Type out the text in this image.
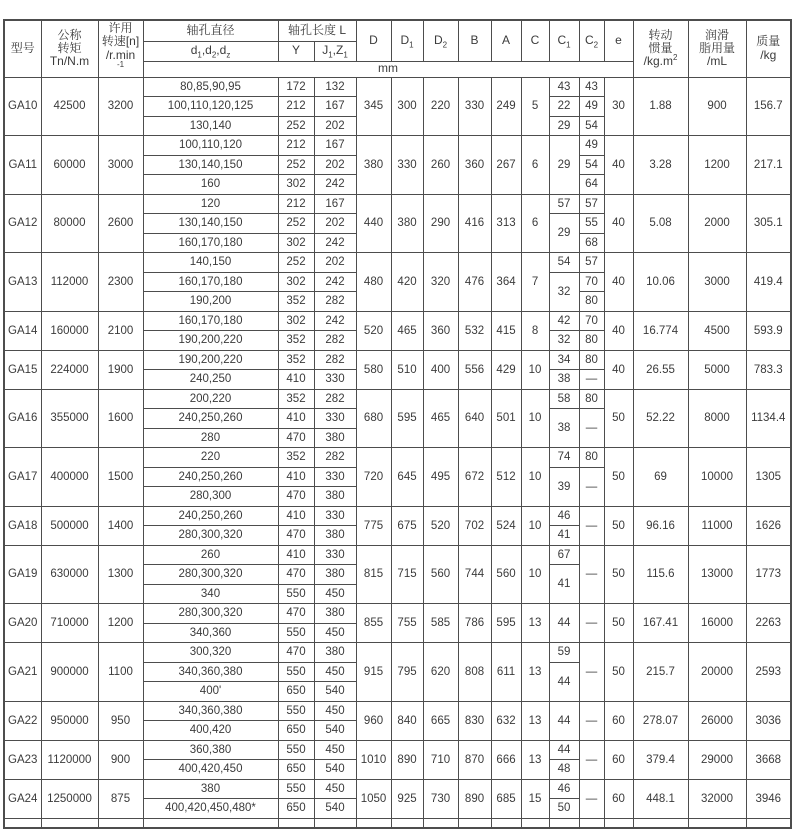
型号	公称
转矩
Tn/N.m	许用
转速[n]
/r.min
$^{-1}$	轴孔直径	轴孔长度 L		D	$D_1$	$D_2$	B	A	C	$C_1$	$C_2$	e	转动
惯量
$/kg.m^2$	润滑
脂用量
/mL	质量
/kg
			$d_1,d_2,d_z$	Y	$J_1,Z_1$
			mm														
GA10	42500	3200	80,85,90,95	172	132	345	300	220	330	249	5	43	43	30	1.88	900	156.7
			100,110,120,125	212	167							22	49				
			130,140	252	202							29	54				
GA11	60000	3000	100,110,120	212	167	380	330	260	360	267	6	29	49	40	3.28	1200	217.1
			130,140,150	252	202								54				
			160	302	242								64				
GA12	80000	2600	120	212	167	440	380	290	416	313	6	57	57	40	5.08	2000	305.1
			130,140,150	252	202							29	55				
			160,170,180	302	242								68				
GA13	112000	2300	140,150	252	202	480	420	320	476	364	7	54	57	40	10.06	3000	419.4
			160,170,180	302	242							32	70				
			190,200	352	282								80				
GA14	160000	2100	160,170,180	302	242	520	465	360	532	415	8	42	70	40	16.774	4500	593.9
			190,200,220	352	282							32	80				
GA15	224000	1900	190,200,220	352	282	580	510	400	556	429	10	34	80	40	26.55	5000	783.3
			240,250	410	330							38	—				
GA16	355000	1600	200,220	352	282	680	595	465	640	501	10	58	80	50	52.22	8000	1134.4
			240,250,260	410	330							38	—				
			280	470	380												
GA17	400000	1500	220	352	282	720	645	495	672	512	10	74	80	50	69	10000	1305
			240,250,260	410	330							39	—				
			280,300	470	380												
GA18	500000	1400	240,250,260	410	330	775	675	520	702	524	10	46	—	50	96.16	11000	1626
			280,300,320	470	380							41					
GA19	630000	1300	260	410	330	815	715	560	744	560	10	67	—	50	115.6	13000	1773
			280,300,320	470	380							41					
			340	550	450												
GA20	710000	1200	280,300,320	470	380	855	755	585	786	595	13	44	—	50	167.41	16000	2263
			340,360	550	450												
GA21	900000	1100	300,320	470	380	915	795	620	808	611	13	59	—	50	215.7	20000	2593
			340,360,380	550	450							44					
			400'	650	540												
GA22	950000	950	340,360,380	550	450	960	840	665	830	632	13	44	—	60	278.07	26000	3036
			400,420	650	540												
GA23	1120000	900	360,380	550	450	1010	890	710	870	666	13	44	—	60	379.4	29000	3668
			400,420,450	650	540							48					
GA24	1250000	875	380	550	450	1050	925	730	890	685	15	46	—	60	448.1	32000	3946
			400,420,450,480*	650	540							50					
